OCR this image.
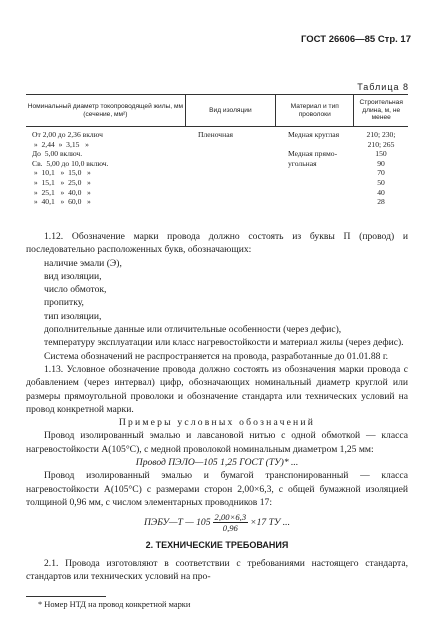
ГОСТ 26606—85 Стр. 17
Таблица 8
Номинальный диаметр токопроводящей жилы, мм (сечение, мм²)
Вид изоляции
Материал и тип проволоки
Строительная длина, м, не менее
От 2,00 до 2,36 включ
»  2,44  »  3,15   »
До  5,00 включ.
Св.  5,00 до 10,0 включ.
»  10,1   »  15,0   »
»  15,1   »  25,0   »
»  25,1   »  40,0   »
»  40,1   »  60,0   »
Пленочная	Медная круглая
Медная прямо-
угольная
210; 230;
210; 265
150
90
70
50
40
28

1.12. Обозначение марки провода должно состоять из буквы П (провод) и последовательно расположенных букв, обозначающих:

наличие эмали (Э),

вид изоляции,

число обмоток,

пропитку,

тип изоляции,

дополнительные данные или отличительные особенности (через дефис),

температуру эксплуатации или класс нагревостойкости и материал жилы (через дефис).

Система обозначений не распространяется на провода, разработанные до 01.01.88 г.

1.13. Условное обозначение провода должно состоять из обозначения марки провода с добавлением (через интервал) цифр, обозначающих номинальный диаметр круглой или размеры прямоугольной проволоки и обозначение стандарта или технических условий на провод конкретной марки.

Примеры условных обозначений

Провод изолированный эмалью и лавсановой нитью с одной обмоткой — класса нагревостойкости А(105°С), с медной проволокой номинальным диаметром 1,25 мм:

Провод ПЭЛО—105 1,25 ГОСТ (ТУ)* ...

Провод изолированный эмалью и бумагой транспонированный — класса нагревостойкости А(105°С) с размерами сторон 2,00×6,3, с общей бумажной изоляцией толщиной 0,96 мм, с числом элементарных проводников 17:

ПЭБУ—Т — $105 \frac{2,00\times 6,3}{0,96} \times 17$ ТУ ...

2. ТЕХНИЧЕСКИЕ ТРЕБОВАНИЯ

2.1. Провода изготовляют в соответствии с требованиями настоящего стандарта, стандартов или технических условий на про-

* Номер НТД на провод конкретной марки
